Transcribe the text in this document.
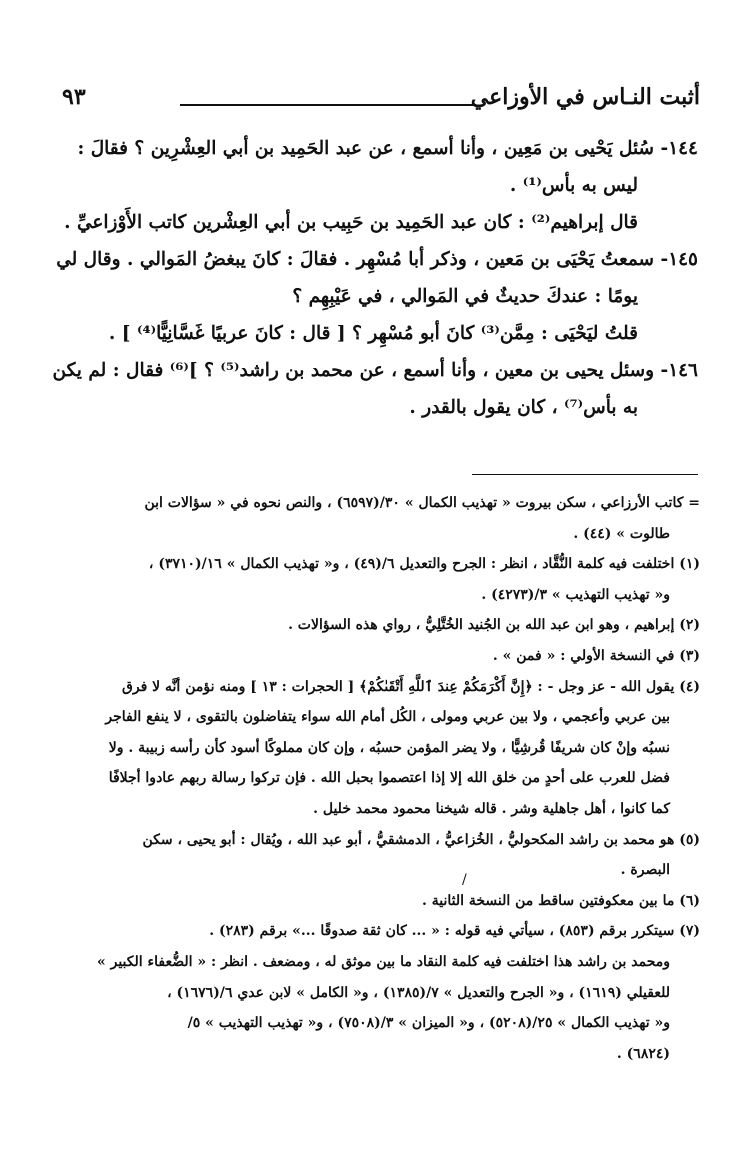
أثبت النـاس في الأوزاعي
٩٣

١٤٤- سُئل يَحْيى بن مَعِين ، وأنا أسمع ، عن عبد الحَمِيد بن أبي العِشْرِين ؟ فقالَ :

ليس به بأس⁽¹⁾ .

قال إبراهيم⁽²⁾ : كان عبد الحَمِيد بن حَبِيب بن أبي العِشْرين كاتب الأَوْزاعيِّ .

١٤٥- سمعتُ يَحْيَى بن مَعين ، وذكر أبا مُسْهِر . فقالَ : كانَ يبغضُ المَوالي . وقال لي

يومًا : عندكَ حديثٌ في المَوالي ، في عَيْبِهِم ؟

قلتُ ليَحْيَى : مِمَّن⁽³⁾ كانَ أبو مُسْهِر ؟ [ قال : كانَ عربيًا غَسَّانِيًّا⁽⁴⁾ ] .

١٤٦- وسئل يحيى بن معين ، وأنا أسمع ، عن محمد بن راشد⁽⁵⁾ ؟ ]⁽⁶⁾ فقال : لم يكن

به بأس⁽⁷⁾ ، كان يقول بالقدر .

= كاتب الأرزاعي ، سكن بيروت « تهذيب الكمال » ٣٠/(٦٥٩٧) ، والنص نحوه في « سؤالات ابن

طالوت » (٤٤) .

(١) اختلفت فيه كلمة النُّقَّاد ، انظر : الجرح والتعديل ٦/(٤٩) ، و« تهذيب الكمال » ١٦/(٣٧١٠) ،

و« تهذيب التهذيب » ٣/(٤٢٧٣) .

(٢) إبراهيم ، وهو ابن عبد الله بن الجُنيد الخُتَّلِيُّ ، رواي هذه السؤالات .

(٣) في النسخة الأولي : « فمن » .

(٤) يقول الله - عز وجل - : ﴿إِنَّ أَكْرَمَكُمْ عِندَ ٱللَّهِ أَتْقَىٰكُمْ﴾ [ الحجرات : ١٣ ] ومنه نؤمن أنَّه لا فرق

بين عربي وأعجمي ، ولا بين عربي ومولى ، الكُل أمام الله سواء يتفاضلون بالتقوى ، لا ينفع الفاجر

نسبُه وإنْ كان شريفًا قُرشِيًّا ، ولا يضر المؤمن حسبُه ، وإن كان مملوكًا أسود كأن رأسه زبيبة . ولا

فضل للعرب على أحدٍ من خلق الله إلا إذا اعتصموا بحبل الله . فإن تركوا رسالة ربهم عادوا أجلافًا

كما كانوا ، أهل جاهلية وشر . قاله شيخنا محمود محمد خليل .

(٥) هو محمد بن راشد المكحوليُّ ، الخُزاعيُّ ، الدمشقيُّ ، أبو عبد الله ، ويُقال : أبو يحيى ، سكن

البصرة .

(٦) ما بين معكوفتين ساقط من النسخة الثانية .

(٧) سيتكرر برقم (٨٥٣) ، سيأتي فيه قوله : « ... كان ثقة صدوقًا ...» برقم (٢٨٣) .

ومحمد بن راشد هذا اختلفت فيه كلمة النقاد ما بين موثق له ، ومضعف . انظر : « الضُّعفاء الكبير »

للعقيلي (١٦١٩) ، و« الجرح والتعديل » ٧/(١٣٨٥) ، و« الكامل » لابن عدي ٦/(١٦٧٦) ،

و« تهذيب الكمال » ٢٥/(٥٢٠٨) ، و« الميزان » ٣/(٧٥٠٨) ، و« تهذيب التهذيب » ٥/

(٦٨٢٤) .

/
